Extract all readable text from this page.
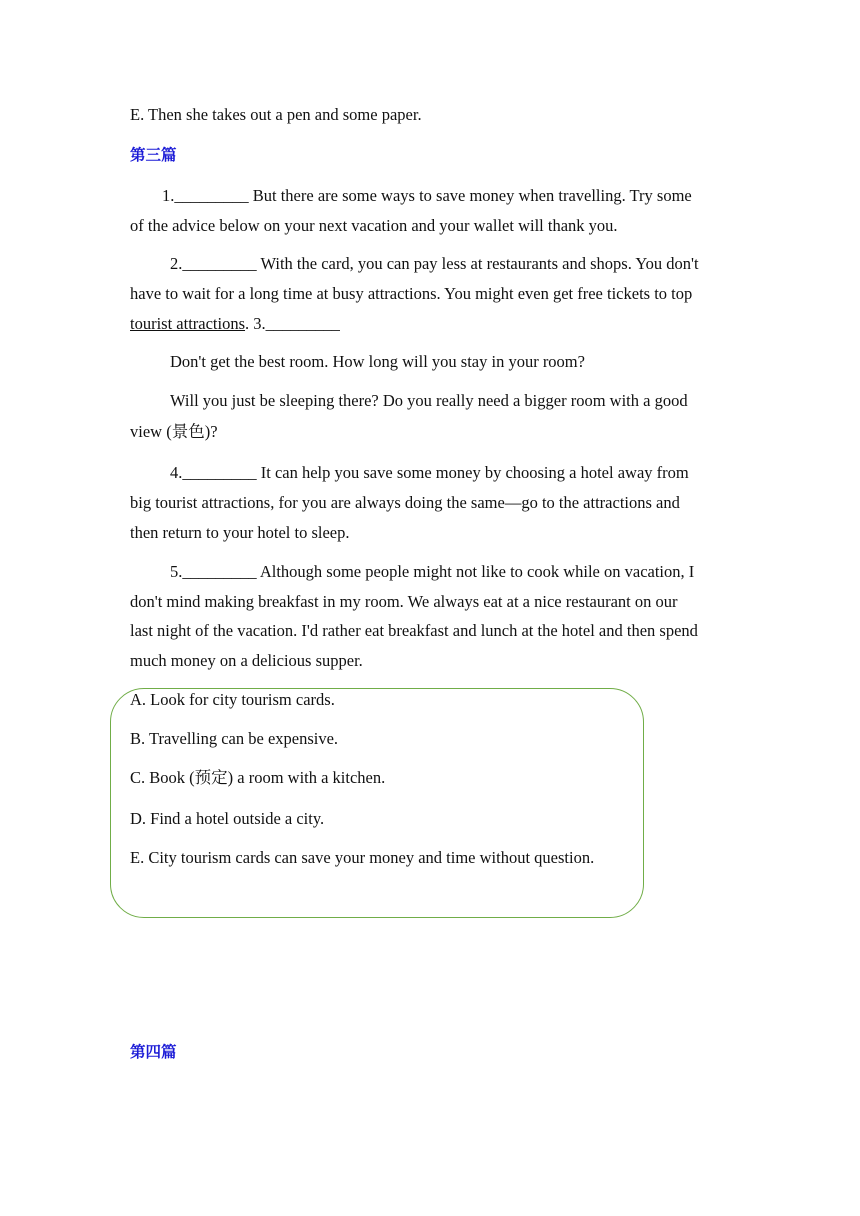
E. Then she takes out a pen and some paper.
第三篇
1._________ But there are some ways to save money when travelling. Try some
of the advice below on your next vacation and your wallet will thank you.
2._________ With the card, you can pay less at restaurants and shops. You don't
have to wait for a long time at busy attractions. You might even get free tickets to top
tourist attractions. 3._________
Don't get the best room. How long will you stay in your room?
Will you just be sleeping there? Do you really need a bigger room with a good
view (景色)?
4._________ It can help you save some money by choosing a hotel away from
big tourist attractions, for you are always doing the same—go to the attractions and
then return to your hotel to sleep.
5._________ Although some people might not like to cook while on vacation, I
don't mind making breakfast in my room. We always eat at a nice restaurant on our
last night of the vacation. I'd rather eat breakfast and lunch at the hotel and then spend
much money on a delicious supper.
A. Look for city tourism cards.
B. Travelling can be expensive.
C. Book (预定) a room with a kitchen.
D. Find a hotel outside a city.
E. City tourism cards can save your money and time without question.
第四篇
